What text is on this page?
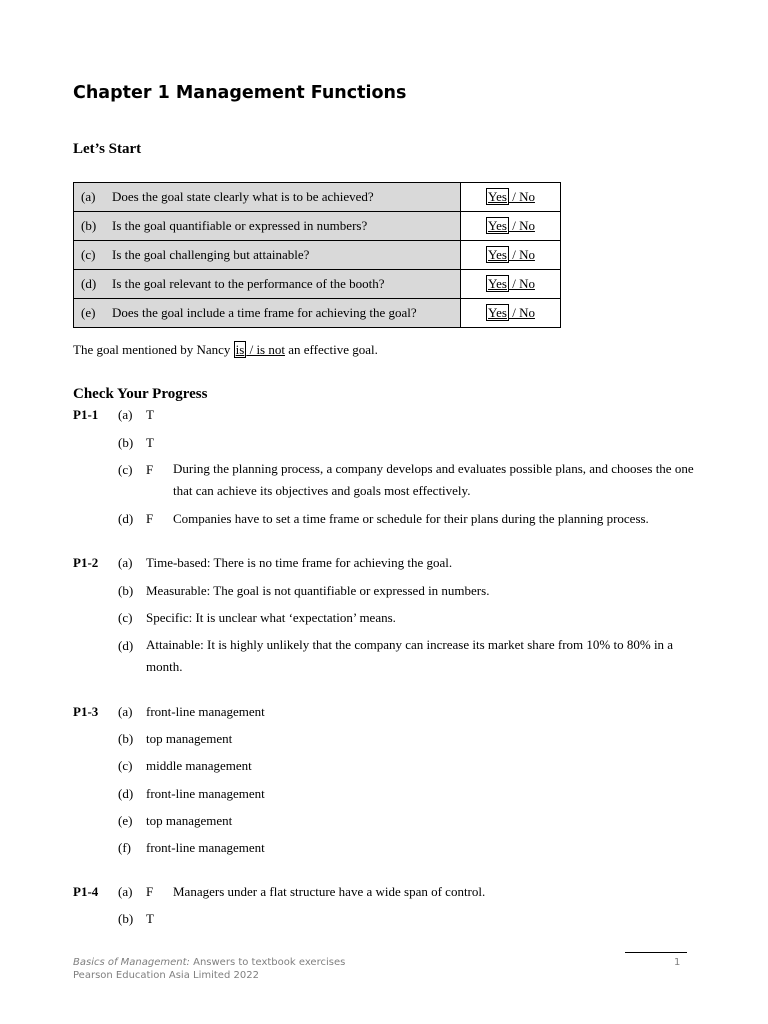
Chapter 1 Management Functions
Let’s Start
(a) Does the goal state clearly what is to be achieved?	Yes / No
(b) Is the goal quantifiable or expressed in numbers?	Yes / No
(c) Is the goal challenging but attainable?	Yes / No
(d) Is the goal relevant to the performance of the booth?	Yes / No
(e) Does the goal include a time frame for achieving the goal?	Yes / No
The goal mentioned by Nancy is / is not an effective goal.
Check Your Progress
P1-1 (a) T
(b) T
(c) F During the planning process, a company develops and evaluates possible plans, and chooses the one that can achieve its objectives and goals most effectively.
(d) F Companies have to set a time frame or schedule for their plans during the planning process.
P1-2 (a) Time-based: There is no time frame for achieving the goal.
(b) Measurable: The goal is not quantifiable or expressed in numbers.
(c) Specific: It is unclear what ‘expectation’ means.
(d) Attainable: It is highly unlikely that the company can increase its market share from 10% to 80% in a month.
P1-3 (a) front-line management
(b) top management
(c) middle management
(d) front-line management
(e) top management
(f) front-line management
P1-4 (a) F Managers under a flat structure have a wide span of control.
(b) T
Basics of Management: Answers to textbook exercises
Pearson Education Asia Limited 2022
1
